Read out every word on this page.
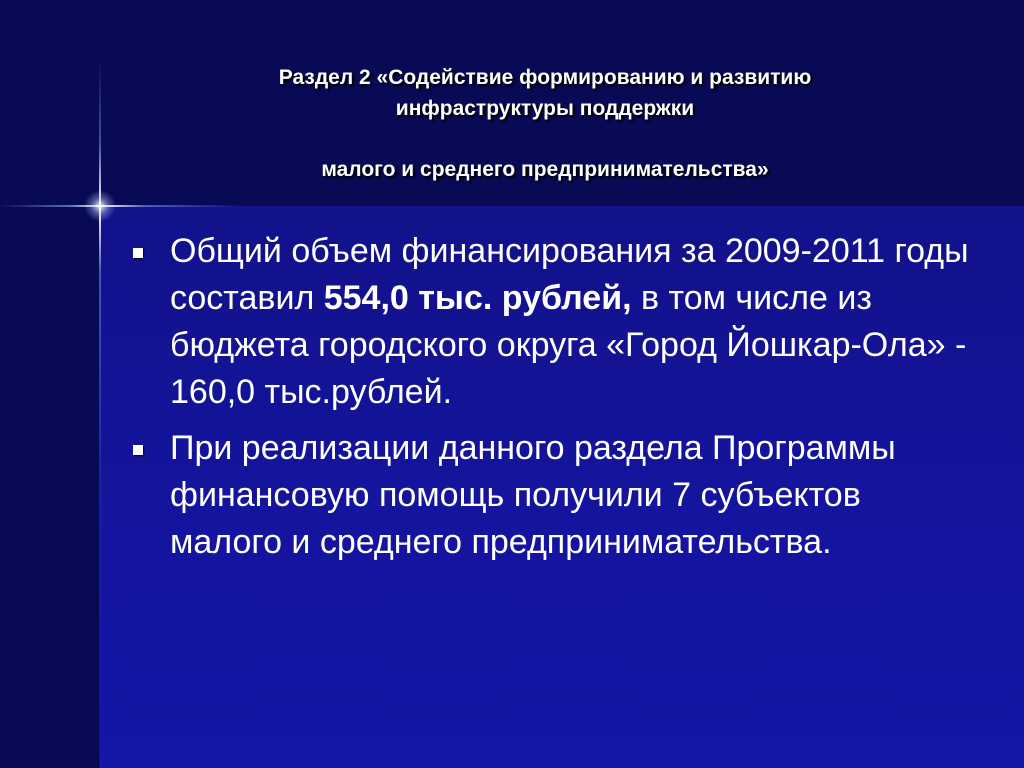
Раздел 2 «Содействие формированию и развитию
инфраструктуры поддержки
малого и среднего предпринимательства»
Общий объем финансирования за 2009-2011 годы составил 554,0 тыс. рублей, в том числе из бюджета городского округа «Город Йошкар-Ола» - 160,0 тыс.рублей.
При реализации данного раздела Программы финансовую помощь получили 7 субъектов малого и среднего предпринимательства.
